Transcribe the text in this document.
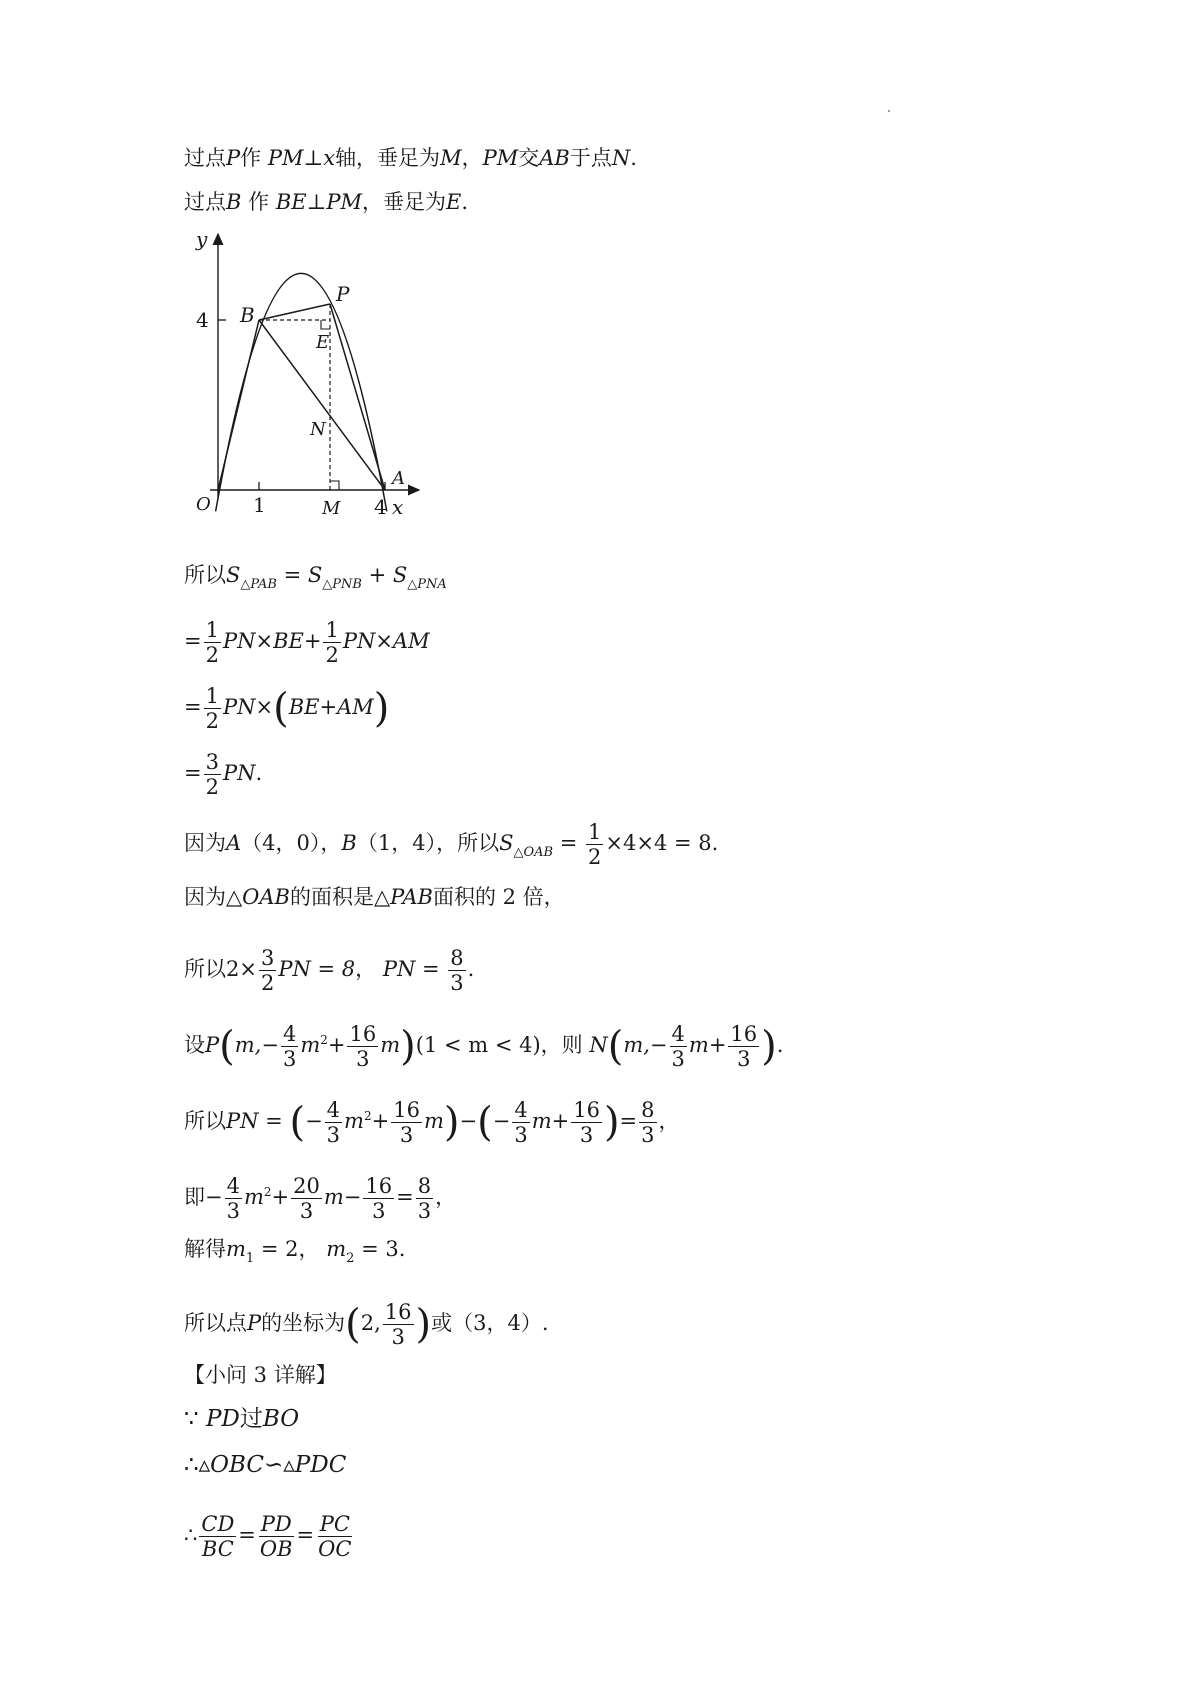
过点P作 PM⊥x轴，垂足为M，PM交AB于点N.
过点B 作 BE⊥PM，垂足为E.
y
x
O
4
1	4
B
P
E
N
A
M
所以$S_{\triangle PAB} = S_{\triangle PNB} + S_{\triangle PNA}$
= $\frac{1}{2} PN\times BE+ \frac{1}{2} PN\times AM$
= $\frac{1}{2} PN\times(BE+AM)$
= $\frac{3}{2}$ PN.
因为A（4，0），B（1，4），所以$S_{\triangle OAB} = \frac{1}{2} \times 4\times 4 = 8$.
因为△OAB的面积是△PAB面积的 2 倍，
所以$2\times \frac{3}{2}$ PN = 8， PN = $\frac{8}{3}$ .
设$P(m,- \frac{4}{3} m^2+ \frac{16}{3} m)(1 < m < 4)$，则 $N(m,- \frac{4}{3} m+ \frac{16}{3}$ ).
所以PN = (− $\frac{4}{3} m^2+ \frac{16}{3} m)-(- \frac{4}{3} m+ \frac{16}{3}$ )= $\frac{8}{3}$ ，
即− $\frac{4}{3} m^2+ \frac{20}{3} m- \frac{16}{3} = \frac{8}{3}$ ，
解得$m_1 = 2$， $m_2 = 3$.
所以点P的坐标为(2, $\frac{16}{3}$ )或（3，4）.
【小问 3 详解】
∵ PD过BO
∴▵OBC∽▵PDC
∴ $\frac{CD}{BC} = \frac{PD}{OB} = \frac{PC}{OC}$
